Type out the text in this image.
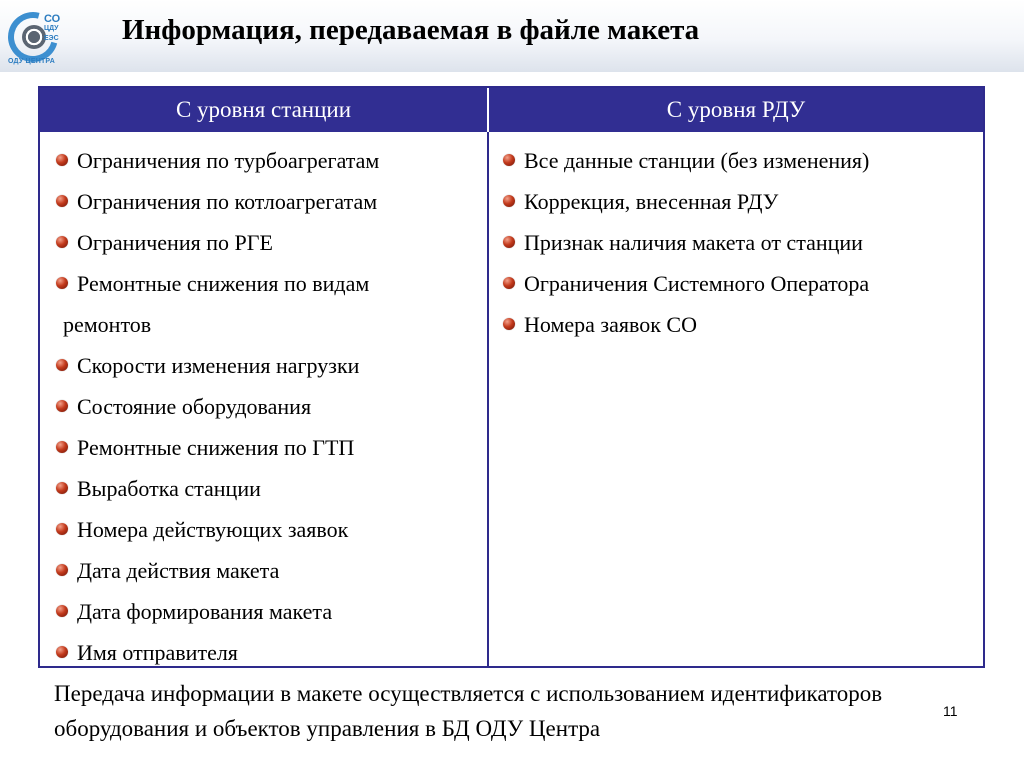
СО
ЦДУ
ЕЭС
ОДУ ЦЕНТРА
Информация, передаваемая в файле макета
С уровня станции	С уровня РДУ
Ограничения по турбоагрегатам
Ограничения по котлоагрегатам
Ограничения по РГЕ
Ремонтные снижения по видам
ремонтов
Скорости изменения нагрузки
Состояние оборудования
Ремонтные снижения по ГТП
Выработка станции
Номера действующих заявок
Дата действия макета
Дата формирования макета
Имя отправителя
Все данные станции (без изменения)
Коррекция, внесенная РДУ
Признак наличия макета от станции
Ограничения Системного Оператора
Номера заявок СО
Передача информации в макете осуществляется с использованием идентификаторов оборудования и объектов управления в БД ОДУ Центра
11
